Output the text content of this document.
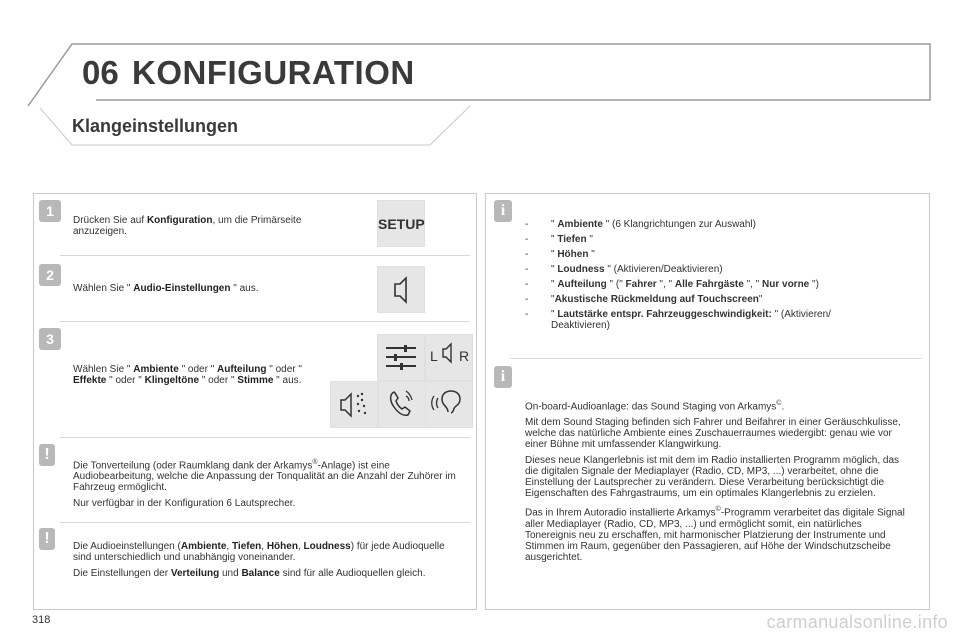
06 KONFIGURATION
Klangeinstellungen
1
Drücken Sie auf Konfiguration, um die Primärseite anzuzeigen.	SETUP
2
Wählen Sie " Audio-Einstellungen " aus.
3
Wählen Sie " Ambiente " oder " Aufteilung " oder " Effekte " oder " Klingeltöne " oder " Stimme " aus.
L R
!

Die Tonverteilung (oder Raumklang dank der Arkamys®-Anlage) ist eine Audiobearbeitung, welche die Anpassung der Tonqualität an die Anzahl der Zuhörer im Fahrzeug ermöglicht.

Nur verfügbar in der Konfiguration 6 Lautsprecher.

!	Die Audioeinstellungen (Ambiente, Tiefen, Höhen, Loudness) für jede Audioquelle sind unterschiedlich und unabhängig voneinander.

Die Einstellungen der Verteilung und Balance sind für alle Audioquellen gleich.

i
- " Ambiente " (6 Klangrichtungen zur Auswahl)
- " Tiefen "
- " Höhen "
- " Loudness " (Aktivieren/Deaktivieren)
- " Aufteilung " (" Fahrer ", " Alle Fahrgäste ", " Nur vorne ")
- "Akustische Rückmeldung auf Touchscreen"
- " Lautstärke entspr. Fahrzeuggeschwindigkeit: " (Aktivieren/ Deaktivieren)
i

On-board-Audioanlage: das Sound Staging von Arkamys©.

Mit dem Sound Staging befinden sich Fahrer und Beifahrer in einer Geräuschkulisse, welche das natürliche Ambiente eines Zuschauerraumes wiedergibt: genau wie vor einer Bühne mit umfassender Klangwirkung.

Dieses neue Klangerlebnis ist mit dem im Radio installierten Programm möglich, das die digitalen Signale der Mediaplayer (Radio, CD, MP3, ...) verarbeitet, ohne die Einstellung der Lautsprecher zu verändern. Diese Verarbeitung berücksichtigt die Eigenschaften des Fahrgastraums, um ein optimales Klangerlebnis zu erzielen.

Das in Ihrem Autoradio installierte Arkamys©-Programm verarbeitet das digitale Signal aller Mediaplayer (Radio, CD, MP3, ...) und ermöglicht somit, ein natürliches Tonereignis neu zu erschaffen, mit harmonischer Platzierung der Instrumente und Stimmen im Raum, gegenüber den Passagieren, auf Höhe der Windschutzscheibe ausgerichtet.

318	carmanualsonline.info
